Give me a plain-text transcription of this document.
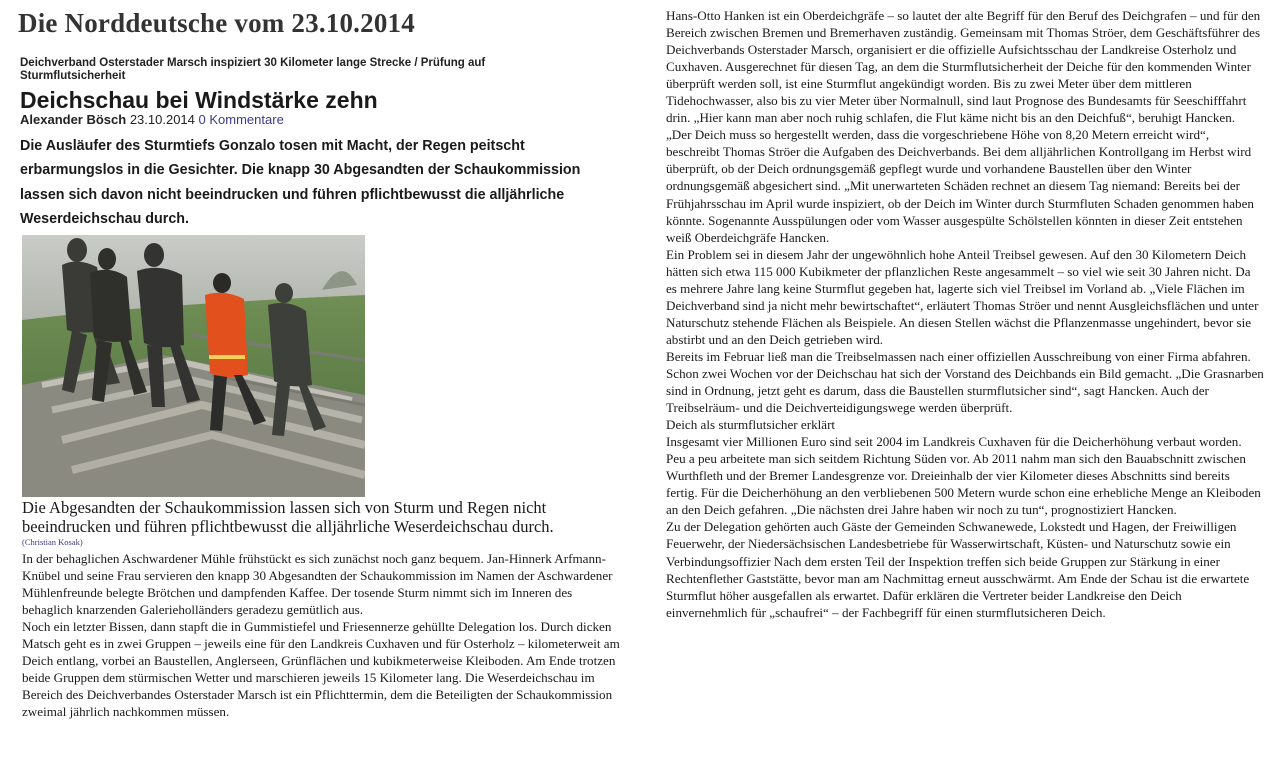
Die Norddeutsche vom 23.10.2014
Deichverband Osterstader Marsch inspiziert 30 Kilometer lange Strecke / Prüfung auf Sturmflutsicherheit
Deichschau bei Windstärke zehn
Alexander Bösch 23.10.2014 0 Kommentare
Die Ausläufer des Sturmtiefs Gonzalo tosen mit Macht, der Regen peitscht erbarmungslos in die Gesichter. Die knapp 30 Abgesandten der Schaukommission lassen sich davon nicht beeindrucken und führen pflichtbewusst die alljährliche Weserdeichschau durch.
Die Abgesandten der Schaukommission lassen sich von Sturm und Regen nicht beeindrucken und führen pflichtbewusst die alljährliche Weserdeichschau durch.
(Christian Kosak)

In der behaglichen Aschwardener Mühle frühstückt es sich zunächst noch ganz bequem. Jan-Hinnerk Arfmann-Knübel und seine Frau servieren den knapp 30 Abgesandten der Schaukommission im Namen der Aschwardener Mühlenfreunde belegte Brötchen und dampfenden Kaffee. Der tosende Sturm nimmt sich im Inneren des behaglich knarzenden Galerieholländers geradezu gemütlich aus.

Noch ein letzter Bissen, dann stapft die in Gummistiefel und Friesennerze gehüllte Delegation los. Durch dicken Matsch geht es in zwei Gruppen – jeweils eine für den Landkreis Cuxhaven und für Osterholz – kilometerweit am Deich entlang, vorbei an Baustellen, Anglerseen, Grünflächen und kubikmeterweise Kleiboden. Am Ende trotzen beide Gruppen dem stürmischen Wetter und marschieren jeweils 15 Kilometer lang. Die Weserdeichschau im Bereich des Deichverbandes Osterstader Marsch ist ein Pflichttermin, dem die Beteiligten der Schaukommission zweimal jährlich nachkommen müssen.

Hans-Otto Hanken ist ein Oberdeichgräfe – so lautet der alte Begriff für den Beruf des Deichgrafen – und für den Bereich zwischen Bremen und Bremerhaven zuständig. Gemeinsam mit Thomas Ströer, dem Geschäftsführer des Deichverbands Osterstader Marsch, organisiert er die offizielle Aufsichtsschau der Landkreise Osterholz und Cuxhaven. Ausgerechnet für diesen Tag, an dem die Sturmflutsicherheit der Deiche für den kommenden Winter überprüft werden soll, ist eine Sturmflut angekündigt worden. Bis zu zwei Meter über dem mittleren Tidehochwasser, also bis zu vier Meter über Normalnull, sind laut Prognose des Bundesamts für Seeschifffahrt drin. „Hier kann man aber noch ruhig schlafen, die Flut käme nicht bis an den Deichfuß“, beruhigt Hancken.

„Der Deich muss so hergestellt werden, dass die vorgeschriebene Höhe von 8,20 Metern erreicht wird“, beschreibt Thomas Ströer die Aufgaben des Deichverbands. Bei dem alljährlichen Kontrollgang im Herbst wird überprüft, ob der Deich ordnungsgemäß gepflegt wurde und vorhandene Baustellen über den Winter ordnungsgemäß abgesichert sind. „Mit unerwarteten Schäden rechnet an diesem Tag niemand: Bereits bei der Frühjahrsschau im April wurde inspiziert, ob der Deich im Winter durch Sturmfluten Schaden genommen haben könnte. Sogenannte Ausspülungen oder vom Wasser ausgespülte Schölstellen könnten in dieser Zeit entstehen weiß Oberdeichgräfe Hancken.

Ein Problem sei in diesem Jahr der ungewöhnlich hohe Anteil Treibsel gewesen. Auf den 30 Kilometern Deich hätten sich etwa 115 000 Kubikmeter der pflanzlichen Reste angesammelt – so viel wie seit 30 Jahren nicht. Da es mehrere Jahre lang keine Sturmflut gegeben hat, lagerte sich viel Treibsel im Vorland ab. „Viele Flächen im Deichverband sind ja nicht mehr bewirtschaftet“, erläutert Thomas Ströer und nennt Ausgleichsflächen und unter Naturschutz stehende Flächen als Beispiele. An diesen Stellen wächst die Pflanzenmasse ungehindert, bevor sie abstirbt und an den Deich getrieben wird.

Bereits im Februar ließ man die Treibselmassen nach einer offiziellen Ausschreibung von einer Firma abfahren. Schon zwei Wochen vor der Deichschau hat sich der Vorstand des Deichbands ein Bild gemacht. „Die Grasnarben sind in Ordnung, jetzt geht es darum, dass die Baustellen sturmflutsicher sind“, sagt Hancken. Auch der Treibselräum- und die Deichverteidigungswege werden überprüft.

Deich als sturmflutsicher erklärt

Insgesamt vier Millionen Euro sind seit 2004 im Landkreis Cuxhaven für die Deicherhöhung verbaut worden. Peu a peu arbeitete man sich seitdem Richtung Süden vor. Ab 2011 nahm man sich den Bauabschnitt zwischen Wurthfleth und der Bremer Landesgrenze vor. Dreieinhalb der vier Kilometer dieses Abschnitts sind bereits fertig. Für die Deicherhöhung an den verbliebenen 500 Metern wurde schon eine erhebliche Menge an Kleiboden an den Deich gefahren. „Die nächsten drei Jahre haben wir noch zu tun“, prognostiziert Hancken.

Zu der Delegation gehörten auch Gäste der Gemeinden Schwanewede, Lokstedt und Hagen, der Freiwilligen Feuerwehr, der Niedersächsischen Landesbetriebe für Wasserwirtschaft, Küsten- und Naturschutz sowie ein Verbindungsoffizier Nach dem ersten Teil der Inspektion treffen sich beide Gruppen zur Stärkung in einer Rechtenflether Gaststätte, bevor man am Nachmittag erneut ausschwärmt. Am Ende der Schau ist die erwartete Sturmflut höher ausgefallen als erwartet. Dafür erklären die Vertreter beider Landkreise den Deich einvernehmlich für „schaufrei“ – der Fachbegriff für einen sturmflutsicheren Deich.
